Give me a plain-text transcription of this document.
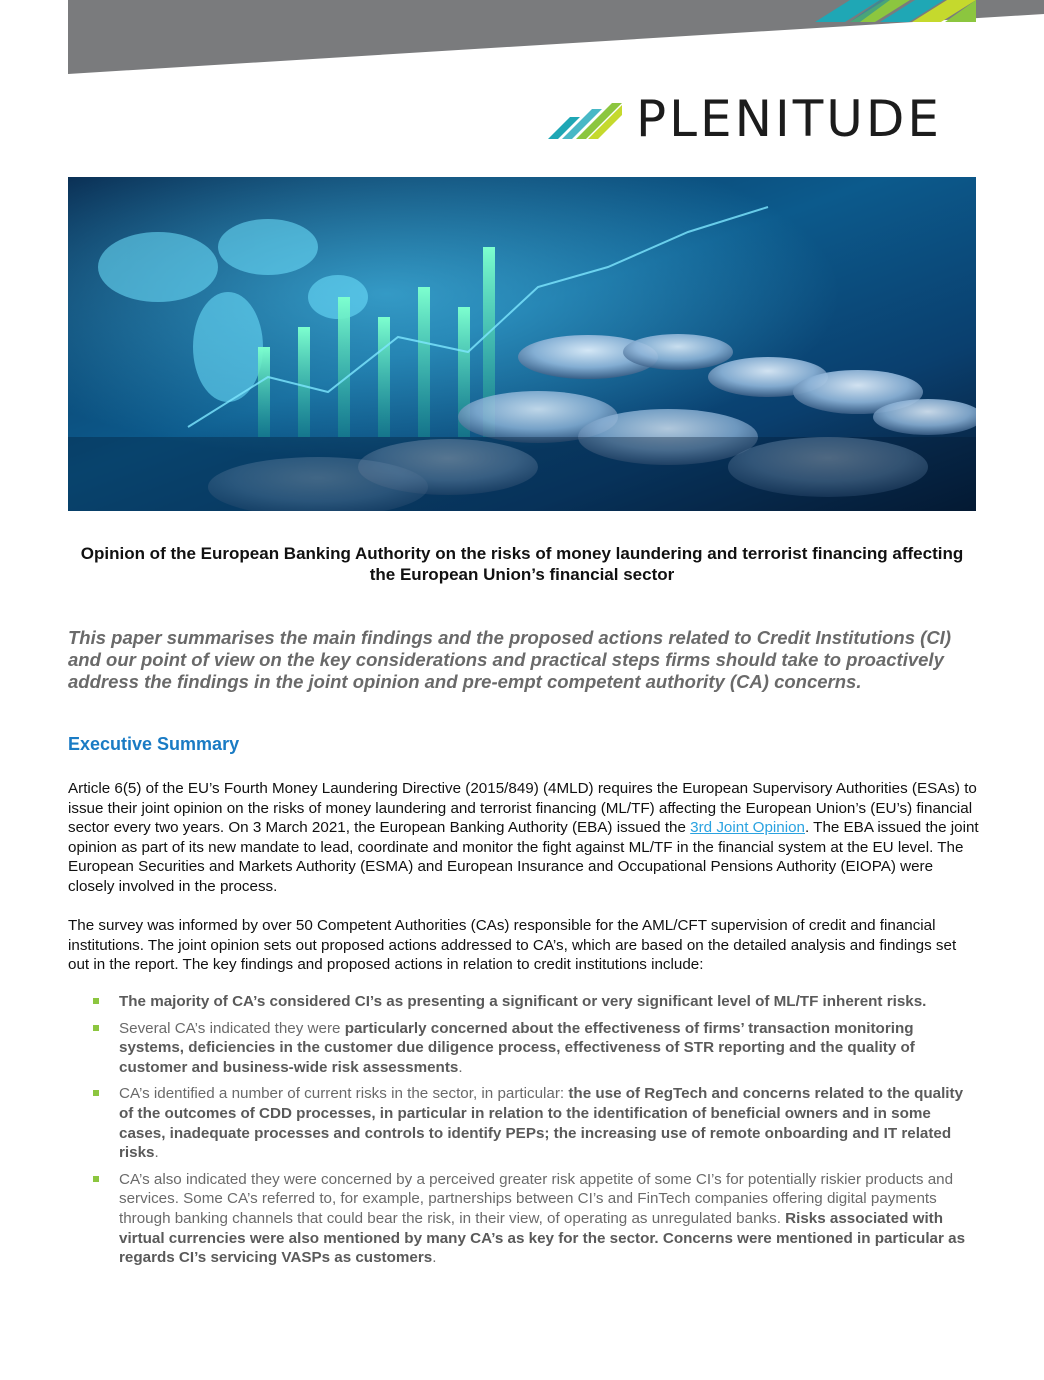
PLENITUDE
Opinion of the European Banking Authority on the risks of money laundering and terrorist financing affecting the European Union’s financial sector

This paper summarises the main findings and the proposed actions related to Credit Institutions (CI) and our point of view on the key considerations and practical steps firms should take to proactively address the findings in the joint opinion and pre-empt competent authority (CA) concerns.

Executive Summary

Article 6(5) of the EU’s Fourth Money Laundering Directive (2015/849) (4MLD) requires the European Supervisory Authorities (ESAs) to issue their joint opinion on the risks of money laundering and terrorist financing (ML/TF) affecting the European Union’s (EU’s) financial sector every two years. On 3 March 2021, the European Banking Authority (EBA) issued the 3rd Joint Opinion. The EBA issued the joint opinion as part of its new mandate to lead, coordinate and monitor the fight against ML/TF in the financial system at the EU level. The European Securities and Markets Authority (ESMA) and European Insurance and Occupational Pensions Authority (EIOPA) were closely involved in the process.

The survey was informed by over 50 Competent Authorities (CAs) responsible for the AML/CFT supervision of credit and financial institutions. The joint opinion sets out proposed actions addressed to CA’s, which are based on the detailed analysis and findings set out in the report. The key findings and proposed actions in relation to credit institutions include:

The majority of CA’s considered CI’s as presenting a significant or very significant level of ML/TF inherent risks.
Several CA’s indicated they were particularly concerned about the effectiveness of firms’ transaction monitoring systems, deficiencies in the customer due diligence process, effectiveness of STR reporting and the quality of customer and business-wide risk assessments.
CA’s identified a number of current risks in the sector, in particular: the use of RegTech and concerns related to the quality of the outcomes of CDD processes, in particular in relation to the identification of beneficial owners and in some cases, inadequate processes and controls to identify PEPs; the increasing use of remote onboarding and IT related risks.
CA’s also indicated they were concerned by a perceived greater risk appetite of some CI’s for potentially riskier products and services. Some CA’s referred to, for example, partnerships between CI’s and FinTech companies offering digital payments through banking channels that could bear the risk, in their view, of operating as unregulated banks. Risks associated with virtual currencies were also mentioned by many CA’s as key for the sector. Concerns were mentioned in particular as regards CI’s servicing VASPs as customers.
